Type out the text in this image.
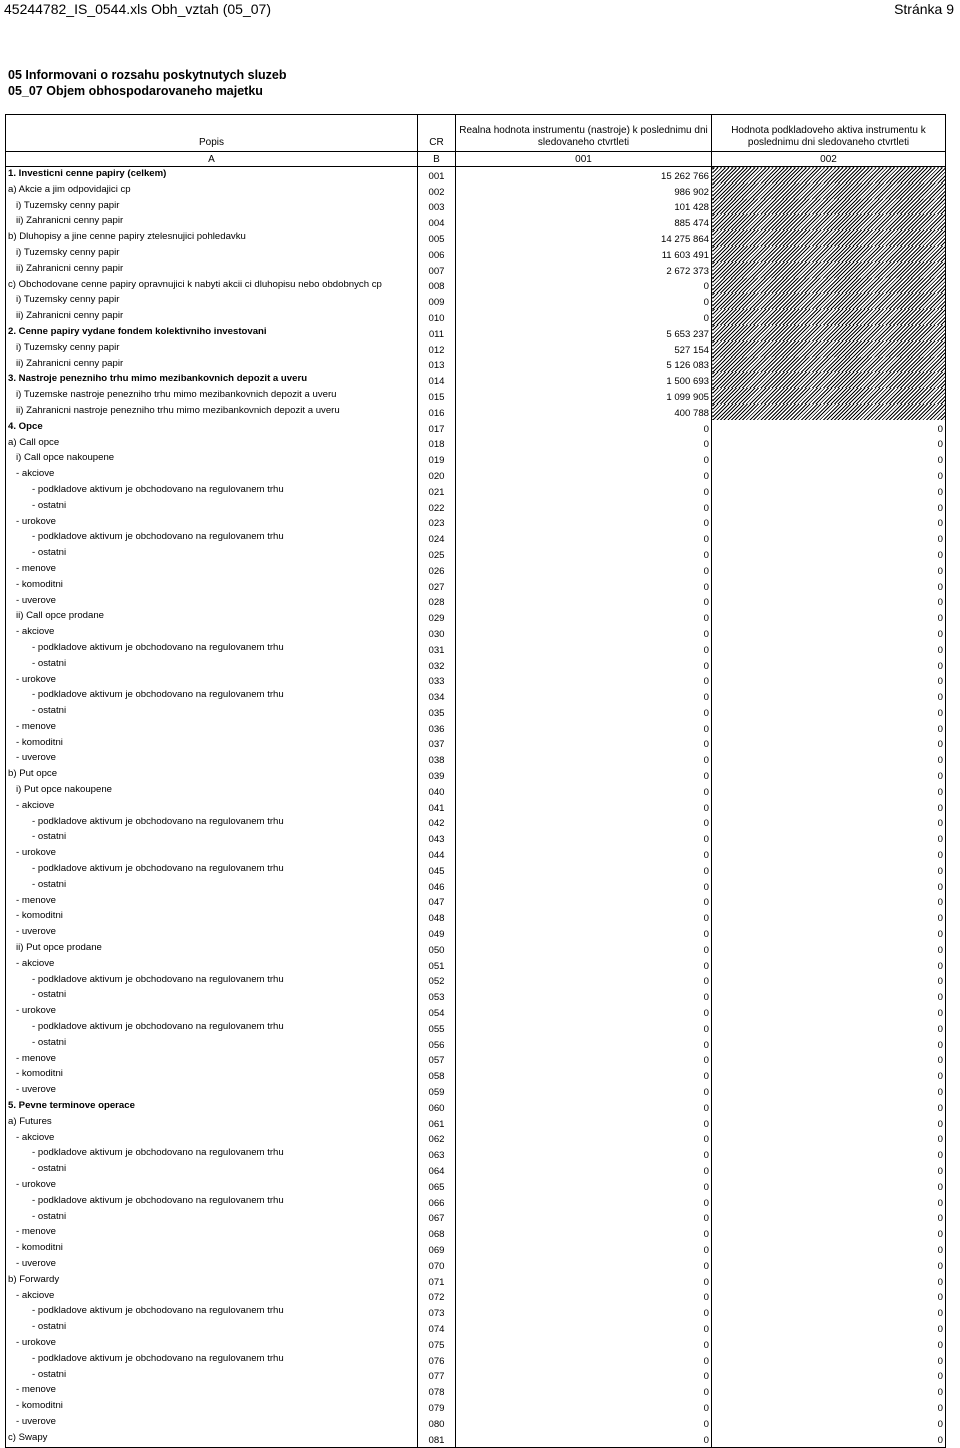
45244782_IS_0544.xls Obh_vztah (05_07)	Stránka 9
05 Informovani o rozsahu poskytnutych sluzeb
05_07 Objem obhospodarovaneho majetku
Popis	CR	Realna hodnota instrumentu (nastroje) k poslednimu dni sledovaneho ctvrtleti	Hodnota podkladoveho aktiva instrumentu k poslednimu dni sledovaneho ctvrtleti
A	B	001	002
1. Investicni cenne papiry (celkem)	001	15 262 766	
a) Akcie a jim odpovidajici cp	002	986 902	
i) Tuzemsky cenny papir	003	101 428	
ii) Zahranicni cenny papir	004	885 474	
b) Dluhopisy a jine cenne papiry ztelesnujici pohledavku	005	14 275 864	
i) Tuzemsky cenny papir	006	11 603 491	
ii) Zahranicni cenny papir	007	2 672 373	
c) Obchodovane cenne papiry opravnujici k nabyti akcii ci dluhopisu nebo obdobnych cp	008	0	
i) Tuzemsky cenny papir	009	0	
ii) Zahranicni cenny papir	010	0	
2. Cenne papiry vydane fondem kolektivniho investovani	011	5 653 237	
i) Tuzemsky cenny papir	012	527 154	
ii) Zahranicni cenny papir	013	5 126 083	
3. Nastroje penezniho trhu mimo mezibankovnich depozit a uveru	014	1 500 693	
i) Tuzemske nastroje penezniho trhu mimo mezibankovnich depozit a uveru	015	1 099 905	
ii) Zahranicni nastroje penezniho trhu mimo mezibankovnich depozit a uveru	016	400 788	
4. Opce	017	0	0
a) Call opce	018	0	0
i) Call opce nakoupene	019	0	0
- akciove	020	0	0
- podkladove aktivum je obchodovano na regulovanem trhu	021	0	0
- ostatni	022	0	0
- urokove	023	0	0
- podkladove aktivum je obchodovano na regulovanem trhu	024	0	0
- ostatni	025	0	0
- menove	026	0	0
- komoditni	027	0	0
- uverove	028	0	0
ii) Call opce prodane	029	0	0
- akciove	030	0	0
- podkladove aktivum je obchodovano na regulovanem trhu	031	0	0
- ostatni	032	0	0
- urokove	033	0	0
- podkladove aktivum je obchodovano na regulovanem trhu	034	0	0
- ostatni	035	0	0
- menove	036	0	0
- komoditni	037	0	0
- uverove	038	0	0
b) Put opce	039	0	0
i) Put opce nakoupene	040	0	0
- akciove	041	0	0
- podkladove aktivum je obchodovano na regulovanem trhu	042	0	0
- ostatni	043	0	0
- urokove	044	0	0
- podkladove aktivum je obchodovano na regulovanem trhu	045	0	0
- ostatni	046	0	0
- menove	047	0	0
- komoditni	048	0	0
- uverove	049	0	0
ii) Put opce prodane	050	0	0
- akciove	051	0	0
- podkladove aktivum je obchodovano na regulovanem trhu	052	0	0
- ostatni	053	0	0
- urokove	054	0	0
- podkladove aktivum je obchodovano na regulovanem trhu	055	0	0
- ostatni	056	0	0
- menove	057	0	0
- komoditni	058	0	0
- uverove	059	0	0
5. Pevne terminove operace	060	0	0
a) Futures	061	0	0
- akciove	062	0	0
- podkladove aktivum je obchodovano na regulovanem trhu	063	0	0
- ostatni	064	0	0
- urokove	065	0	0
- podkladove aktivum je obchodovano na regulovanem trhu	066	0	0
- ostatni	067	0	0
- menove	068	0	0
- komoditni	069	0	0
- uverove	070	0	0
b) Forwardy	071	0	0
- akciove	072	0	0
- podkladove aktivum je obchodovano na regulovanem trhu	073	0	0
- ostatni	074	0	0
- urokove	075	0	0
- podkladove aktivum je obchodovano na regulovanem trhu	076	0	0
- ostatni	077	0	0
- menove	078	0	0
- komoditni	079	0	0
- uverove	080	0	0
c) Swapy	081	0	0
